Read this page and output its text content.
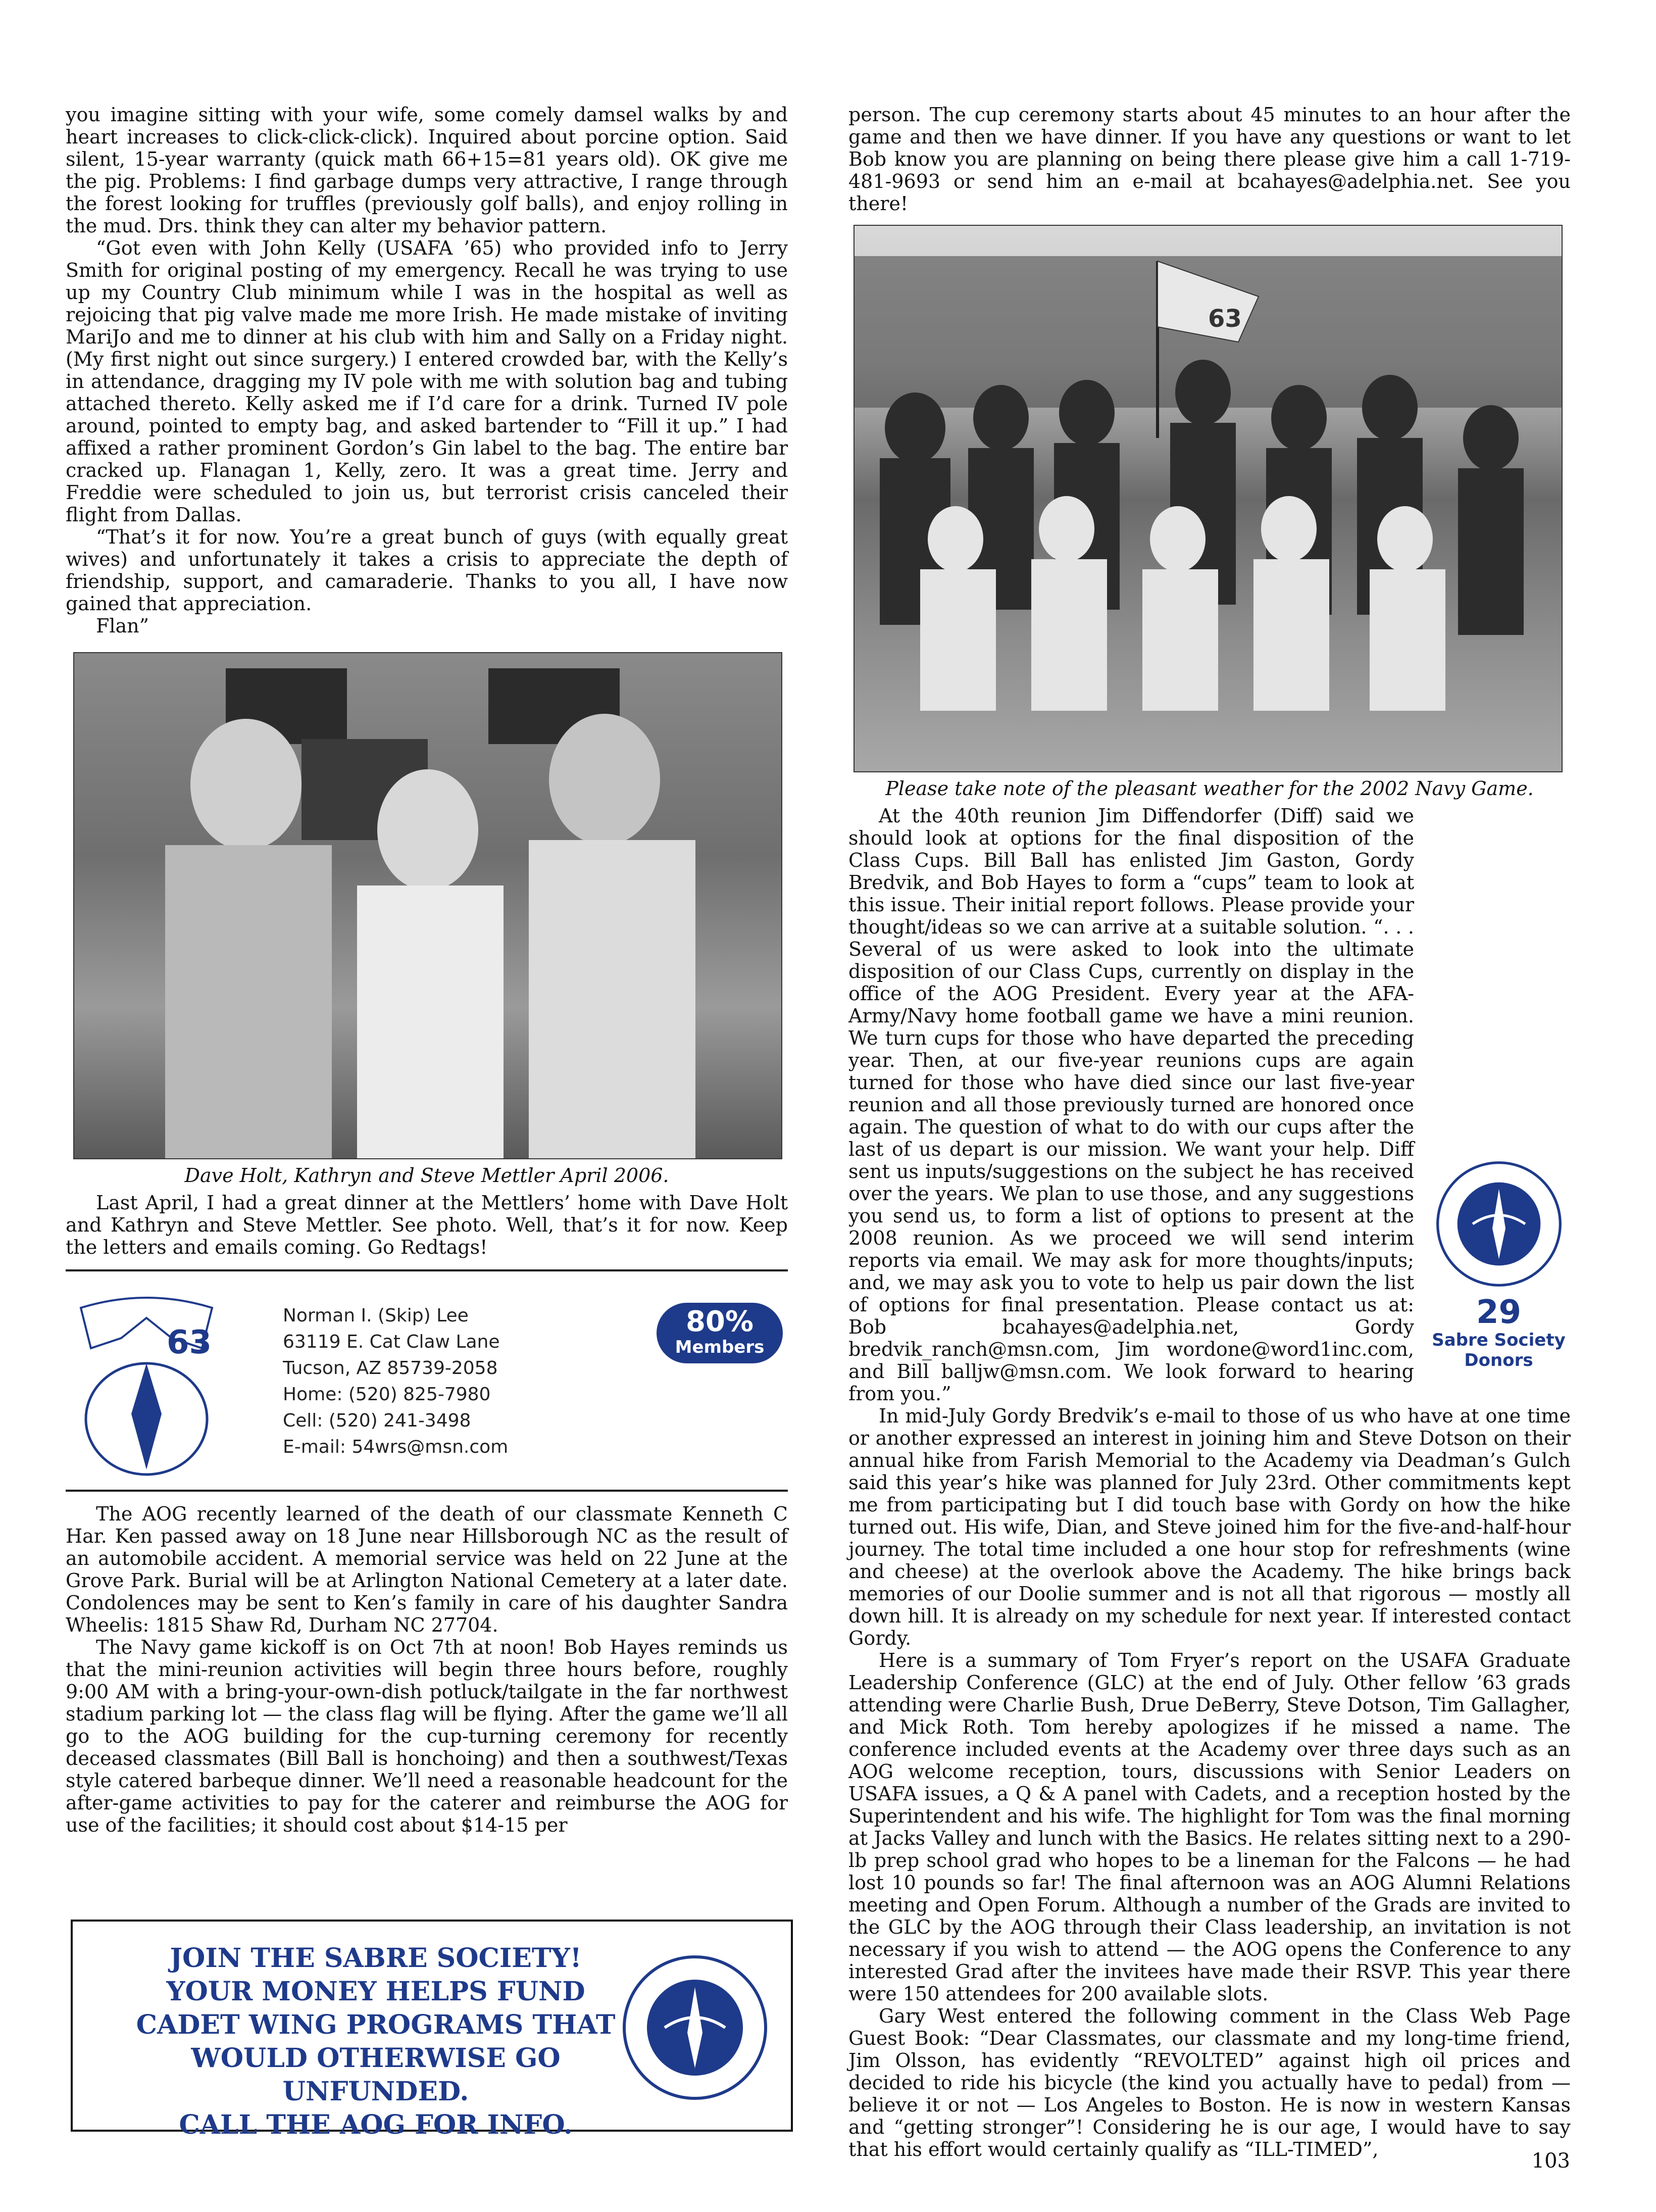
you imagine sitting with your wife, some comely damsel walks by and heart increases to click-click-click). Inquired about porcine option. Said silent, 15-year warranty (quick math 66+15=81 years old). OK give me the pig. Problems: I find garbage dumps very attractive, I range through the forest looking for truffles (previously golf balls), and enjoy rolling in the mud. Drs. think they can alter my behavior pattern.

“Got even with John Kelly (USAFA ’65) who provided info to Jerry Smith for original posting of my emergency. Recall he was trying to use up my Country Club minimum while I was in the hospital as well as rejoicing that pig valve made me more Irish. He made mistake of inviting MariJo and me to dinner at his club with him and Sally on a Friday night. (My first night out since surgery.) I entered crowded bar, with the Kelly’s in attendance, dragging my IV pole with me with solution bag and tubing attached thereto. Kelly asked me if I’d care for a drink. Turned IV pole around, pointed to empty bag, and asked bartender to “Fill it up.” I had affixed a rather prominent Gordon’s Gin label to the bag. The entire bar cracked up. Flanagan 1, Kelly, zero. It was a great time. Jerry and Freddie were scheduled to join us, but terrorist crisis canceled their flight from Dallas.

“That’s it for now. You’re a great bunch of guys (with equally great wives) and unfortunately it takes a crisis to appreciate the depth of friendship, support, and camaraderie. Thanks to you all, I have now gained that appreciation.

Flan”

Dave Holt, Kathryn and Steve Mettler April 2006.

Last April, I had a great dinner at the Mettlers’ home with Dave Holt and Kathryn and Steve Mettler. See photo. Well, that’s it for now. Keep the letters and emails coming. Go Redtags!

63
Norman I. (Skip) Lee
63119 E. Cat Claw Lane
Tucson, AZ 85739-2058
Home: (520) 825-7980
Cell: (520) 241-3498
E-mail: 54wrs@msn.com
80%
Members

The AOG recently learned of the death of our classmate Kenneth C Har. Ken passed away on 18 June near Hillsborough NC as the result of an automobile accident. A memorial service was held on 22 June at the Grove Park. Burial will be at Arlington National Cemetery at a later date. Condolences may be sent to Ken’s family in care of his daughter Sandra Wheelis: 1815 Shaw Rd, Durham NC 27704.

The Navy game kickoff is on Oct 7th at noon! Bob Hayes reminds us that the mini-reunion activities will begin three hours before, roughly 9:00 AM with a bring-your-own-dish potluck/tailgate in the far northwest stadium parking lot — the class flag will be flying. After the game we’ll all go to the AOG building for the cup-turning ceremony for recently deceased classmates (Bill Ball is honchoing) and then a southwest/Texas style catered barbeque dinner. We’ll need a reasonable headcount for the after-game activities to pay for the caterer and reimburse the AOG for use of the facilities; it should cost about $14-15 per

JOIN THE SABRE SOCIETY!
YOUR MONEY HELPS FUND
CADET WING PROGRAMS THAT
WOULD OTHERWISE GO UNFUNDED.
CALL THE AOG FOR INFO.

person. The cup ceremony starts about 45 minutes to an hour after the game and then we have dinner. If you have any questions or want to let Bob know you are planning on being there please give him a call 1-719-481-9693 or send him an e-mail at bcahayes@adelphia.net. See you there!

63
Please take note of the pleasant weather for the 2002 Navy Game.
29
Sabre Society
Donors

At the 40th reunion Jim Diffendorfer (Diff) said we should look at options for the final disposition of the Class Cups. Bill Ball has enlisted Jim Gaston, Gordy Bredvik, and Bob Hayes to form a “cups” team to look at this issue. Their initial report follows. Please provide your thought/ideas so we can arrive at a suitable solution. “. . . Several of us were asked to look into the ultimate disposition of our Class Cups, currently on display in the office of the AOG President. Every year at the AFA-Army/Navy home football game we have a mini reunion. We turn cups for those who have departed the preceding year. Then, at our five-year reunions cups are again turned for those who have died since our last five-year reunion and all those previously turned are honored once again. The question of what to do with our cups after the last of us depart is our mission. We want your help. Diff sent us inputs/suggestions on the subject he has received over the years. We plan to use those, and any suggestions you send us, to form a list of options to present at the 2008 reunion. As we proceed we will send interim reports via email. We may ask for more thoughts/inputs; and, we may ask you to vote to help us pair down the list of options for final presentation. Please contact us at: Bob bcahayes@adelphia.net, Gordy bredvik_ranch@msn.com, Jim wordone@word1inc.com, and Bill balljw@msn.com. We look forward to hearing from you.”

In mid-July Gordy Bredvik’s e-mail to those of us who have at one time or another expressed an interest in joining him and Steve Dotson on their annual hike from Farish Memorial to the Academy via Deadman’s Gulch said this year’s hike was planned for July 23rd. Other commitments kept me from participating but I did touch base with Gordy on how the hike turned out. His wife, Dian, and Steve joined him for the five-and-half-hour journey. The total time included a one hour stop for refreshments (wine and cheese) at the overlook above the Academy. The hike brings back memories of our Doolie summer and is not all that rigorous — mostly all down hill. It is already on my schedule for next year. If interested contact Gordy.

Here is a summary of Tom Fryer’s report on the USAFA Graduate Leadership Conference (GLC) at the end of July. Other fellow ’63 grads attending were Charlie Bush, Drue DeBerry, Steve Dotson, Tim Gallagher, and Mick Roth. Tom hereby apologizes if he missed a name. The conference included events at the Academy over three days such as an AOG welcome reception, tours, discussions with Senior Leaders on USAFA issues, a Q & A panel with Cadets, and a reception hosted by the Superintendent and his wife. The highlight for Tom was the final morning at Jacks Valley and lunch with the Basics. He relates sitting next to a 290-lb prep school grad who hopes to be a lineman for the Falcons — he had lost 10 pounds so far! The final afternoon was an AOG Alumni Relations meeting and Open Forum. Although a number of the Grads are invited to the GLC by the AOG through their Class leadership, an invitation is not necessary if you wish to attend — the AOG opens the Conference to any interested Grad after the invitees have made their RSVP. This year there were 150 attendees for 200 available slots.

Gary West entered the following comment in the Class Web Page Guest Book: “Dear Classmates, our classmate and my long-time friend, Jim Olsson, has evidently “REVOLTED” against high oil prices and decided to ride his bicycle (the kind you actually have to pedal) from — believe it or not — Los Angeles to Boston. He is now in western Kansas and “getting stronger”! Considering he is our age, I would have to say that his effort would certainly qualify as “ILL-TIMED”,	103
